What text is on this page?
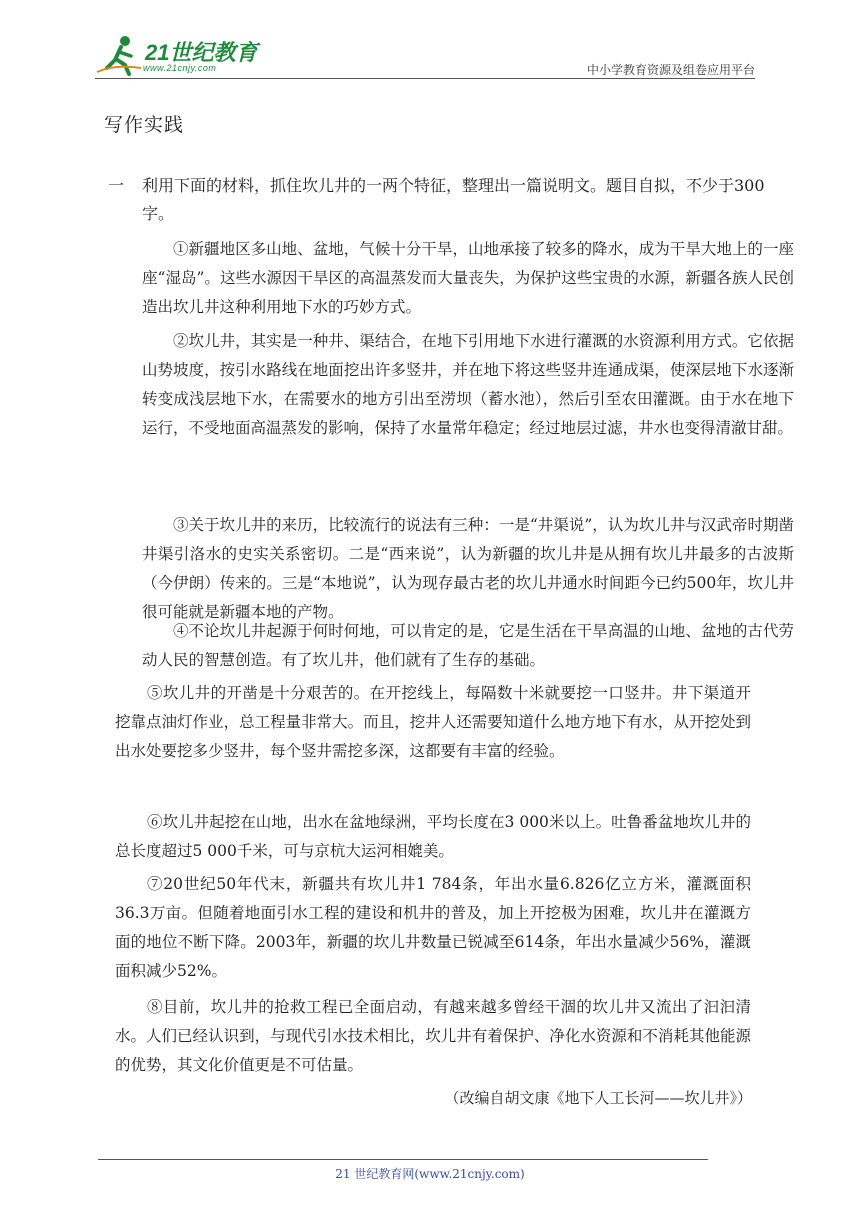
21世纪教育
www.21cnjy.com	中小学教育资源及组卷应用平台
写作实践
一 利用下面的材料，抓住坎儿井的一两个特征，整理出一篇说明文。题目自拟，不少于300字。
①新疆地区多山地、盆地，气候十分干旱，山地承接了较多的降水，成为干旱大地上的一座座“湿岛”。这些水源因干旱区的高温蒸发而大量丧失，为保护这些宝贵的水源，新疆各族人民创造出坎儿井这种利用地下水的巧妙方式。
②坎儿井，其实是一种井、渠结合，在地下引用地下水进行灌溉的水资源利用方式。它依据山势坡度，按引水路线在地面挖出许多竖井，并在地下将这些竖井连通成渠，使深层地下水逐渐转变成浅层地下水，在需要水的地方引出至涝坝（蓄水池），然后引至农田灌溉。由于水在地下运行，不受地面高温蒸发的影响，保持了水量常年稳定；经过地层过滤，井水也变得清澈甘甜。
③关于坎儿井的来历，比较流行的说法有三种：一是“井渠说”，认为坎儿井与汉武帝时期凿井渠引洛水的史实关系密切。二是“西来说”，认为新疆的坎儿井是从拥有坎儿井最多的古波斯（今伊朗）传来的。三是“本地说”，认为现存最古老的坎儿井通水时间距今已约500年，坎儿井很可能就是新疆本地的产物。
④不论坎儿井起源于何时何地，可以肯定的是，它是生活在干旱高温的山地、盆地的古代劳动人民的智慧创造。有了坎儿井，他们就有了生存的基础。
⑤坎儿井的开凿是十分艰苦的。在开挖线上，每隔数十米就要挖一口竖井。井下渠道开挖靠点油灯作业，总工程量非常大。而且，挖井人还需要知道什么地方地下有水，从开挖处到出水处要挖多少竖井，每个竖井需挖多深，这都要有丰富的经验。
⑥坎儿井起挖在山地，出水在盆地绿洲，平均长度在3 000米以上。吐鲁番盆地坎儿井的总长度超过5 000千米，可与京杭大运河相媲美。
⑦20世纪50年代末，新疆共有坎儿井1 784条，年出水量6.826亿立方米，灌溉面积36.3万亩。但随着地面引水工程的建设和机井的普及，加上开挖极为困难，坎儿井在灌溉方面的地位不断下降。2003年，新疆的坎儿井数量已锐减至614条，年出水量减少56%，灌溉面积减少52%。
⑧目前，坎儿井的抢救工程已全面启动，有越来越多曾经干涸的坎儿井又流出了汩汩清水。人们已经认识到，与现代引水技术相比，坎儿井有着保护、净化水资源和不消耗其他能源的优势，其文化价值更是不可估量。
（改编自胡文康《地下人工长河——坎儿井》）
21 世纪教育网(www.21cnjy.com)
